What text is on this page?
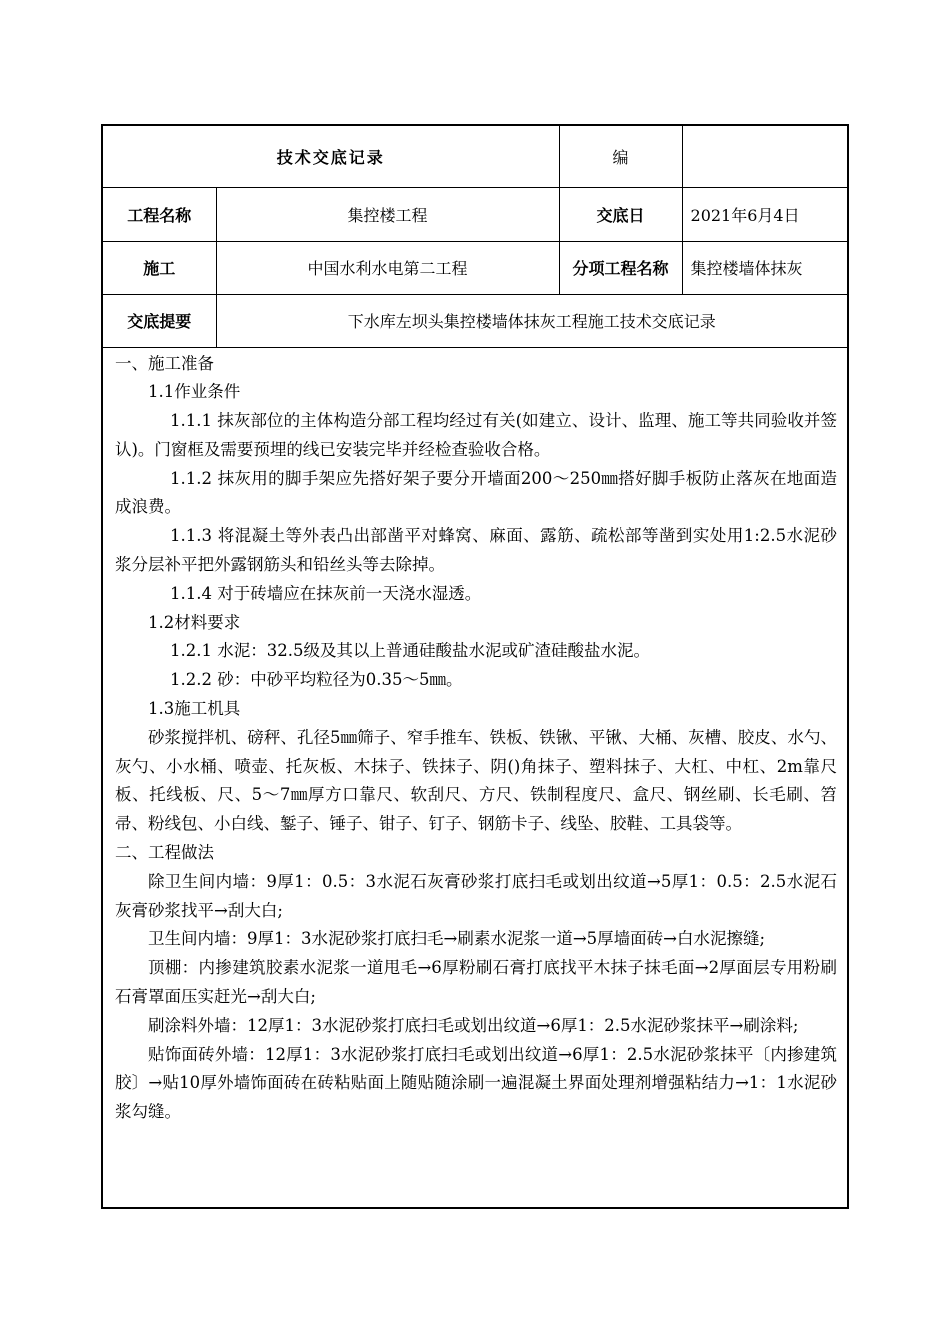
技术交底记录		编	
工程名称	集控楼工程	交底日	2021年6月4日
施工	中国水利水电第二工程	分项工程名称	集控楼墙体抹灰
交底提要	下水库左坝头集控楼墙体抹灰工程施工技术交底记录		

一、施工准备

1.1作业条件

1.1.1 抹灰部位的主体构造分部工程均经过有关(如建立、设计、监理、施工等共同验收并签认)。门窗框及需要预埋的线已安装完毕并经检查验收合格。

1.1.2 抹灰用的脚手架应先搭好架子要分开墙面200～250㎜搭好脚手板防止落灰在地面造成浪费。

1.1.3 将混凝土等外表凸出部凿平对蜂窝、麻面、露筋、疏松部等凿到实处用1:2.5水泥砂浆分层补平把外露钢筋头和铅丝头等去除掉。

1.1.4 对于砖墙应在抹灰前一天浇水湿透。

1.2材料要求

1.2.1 水泥：32.5级及其以上普通硅酸盐水泥或矿渣硅酸盐水泥。

1.2.2 砂：中砂平均粒径为0.35～5㎜。

1.3施工机具

砂浆搅拌机、磅秤、孔径5㎜筛子、窄手推车、铁板、铁锹、平锹、大桶、灰槽、胶皮、水勺、灰勺、小水桶、喷壶、托灰板、木抹子、铁抹子、阴()角抹子、塑料抹子、大杠、中杠、2m靠尺板、托线板、尺、5～7㎜厚方口靠尺、软刮尺、方尺、铁制程度尺、盒尺、钢丝刷、长毛刷、笤帚、粉线包、小白线、錾子、锤子、钳子、钉子、钢筋卡子、线坠、胶鞋、工具袋等。

二、工程做法

除卫生间内墙：9厚1：0.5：3水泥石灰膏砂浆打底扫毛或划出纹道→5厚1：0.5：2.5水泥石灰膏砂浆找平→刮大白;

卫生间内墙：9厚1：3水泥砂浆打底扫毛→刷素水泥浆一道→5厚墙面砖→白水泥擦缝;

顶棚：内掺建筑胶素水泥浆一道甩毛→6厚粉刷石膏打底找平木抹子抹毛面→2厚面层专用粉刷石膏罩面压实赶光→刮大白;

刷涂料外墙：12厚1：3水泥砂浆打底扫毛或划出纹道→6厚1：2.5水泥砂浆抹平→刷涂料;

贴饰面砖外墙：12厚1：3水泥砂浆打底扫毛或划出纹道→6厚1：2.5水泥砂浆抹平〔内掺建筑胶〕→贴10厚外墙饰面砖在砖粘贴面上随贴随涂刷一遍混凝土界面处理剂增强粘结力→1：1水泥砂浆勾缝。
